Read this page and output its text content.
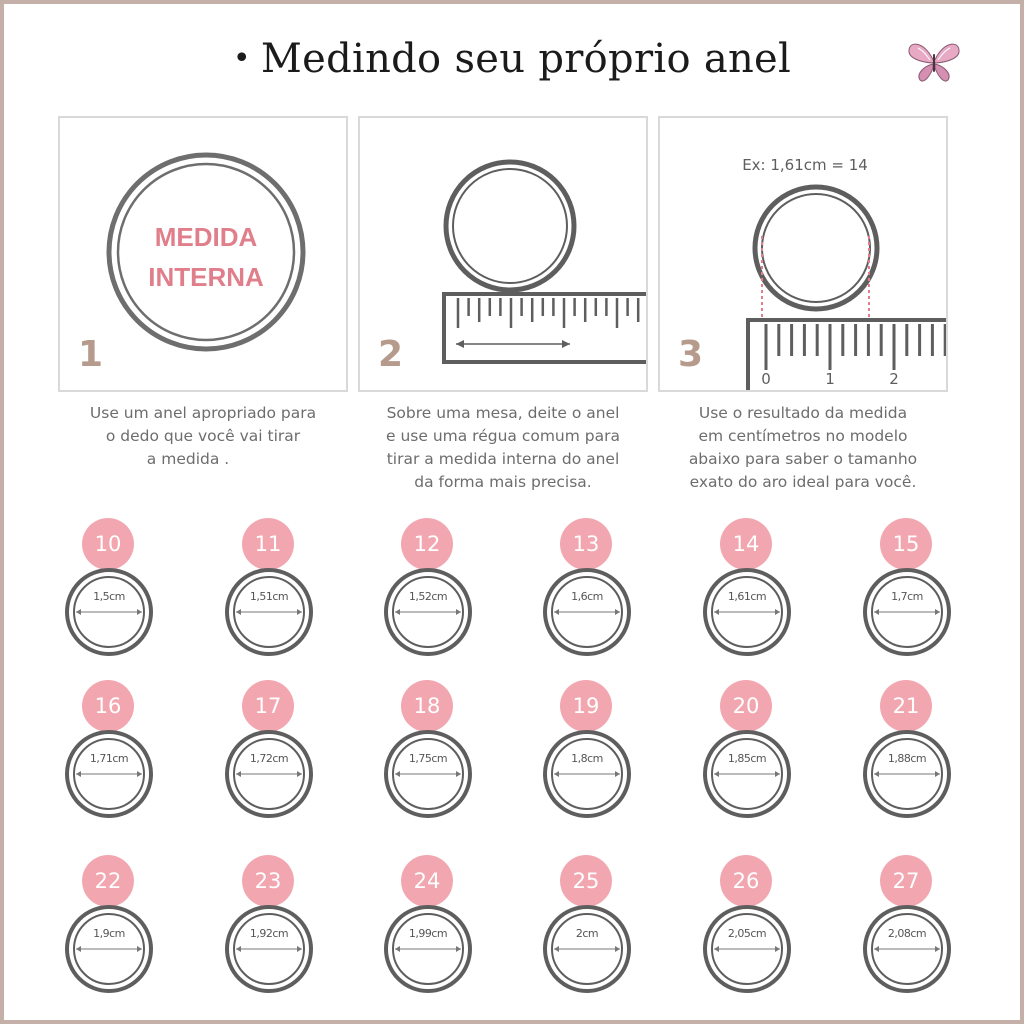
• Medindo seu próprio anel
MEDIDA
INTERNA
1	2
Ex: 1,61cm = 14
0	1	2
3
Use um anel apropriado para
o dedo que você vai tirar
a medida .
Sobre uma mesa, deite o anel
e use uma régua comum para
tirar a medida interna do anel
da forma mais precisa.
Use o resultado da medida
em centímetros no modelo
abaixo para saber o tamanho
exato do aro ideal para você.
10
1,5cm
11
1,51cm
12
1,52cm
13
1,6cm
14
1,61cm
15
1,7cm
16
1,71cm
17
1,72cm
18
1,75cm
19
1,8cm
20
1,85cm
21
1,88cm
22
1,9cm
23
1,92cm
24
1,99cm
25
2cm
26
2,05cm
27
2,08cm
